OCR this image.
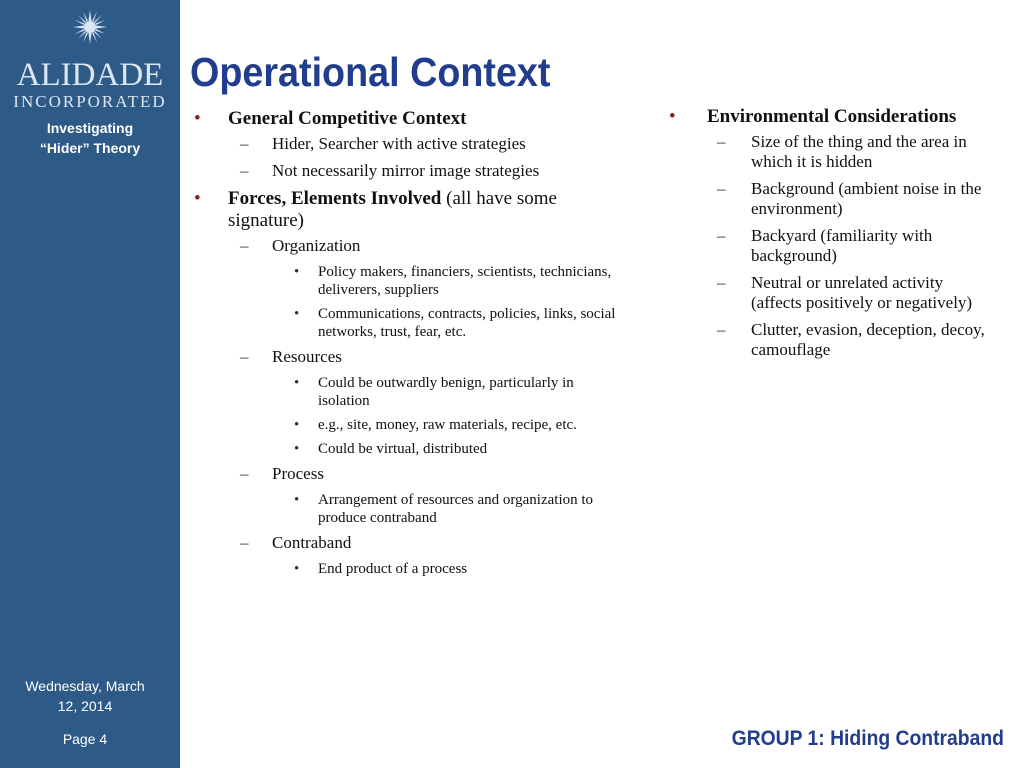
ALIDADE
INCORPORATED
Investigating
“Hider” Theory
Wednesday, March
12, 2014
Page 4
Operational Context
• General Competitive Context
– Hider, Searcher with active strategies
– Not necessarily mirror image strategies
• Forces, Elements Involved (all have some signature)
– Organization
• Policy makers, financiers, scientists, technicians, deliverers, suppliers
• Communications, contracts, policies, links, social networks, trust, fear, etc.
– Resources
• Could be outwardly benign, particularly in isolation
• e.g., site, money, raw materials, recipe, etc.
• Could be virtual, distributed
– Process
• Arrangement of resources and organization to produce contraband
– Contraband
• End product of a process
• Environmental Considerations
– Size of the thing and the area in which it is hidden
– Background (ambient noise in the environment)
– Backyard (familiarity with background)
– Neutral or unrelated activity (affects positively or negatively)
– Clutter, evasion, deception, decoy, camouflage
GROUP 1: Hiding Contraband
